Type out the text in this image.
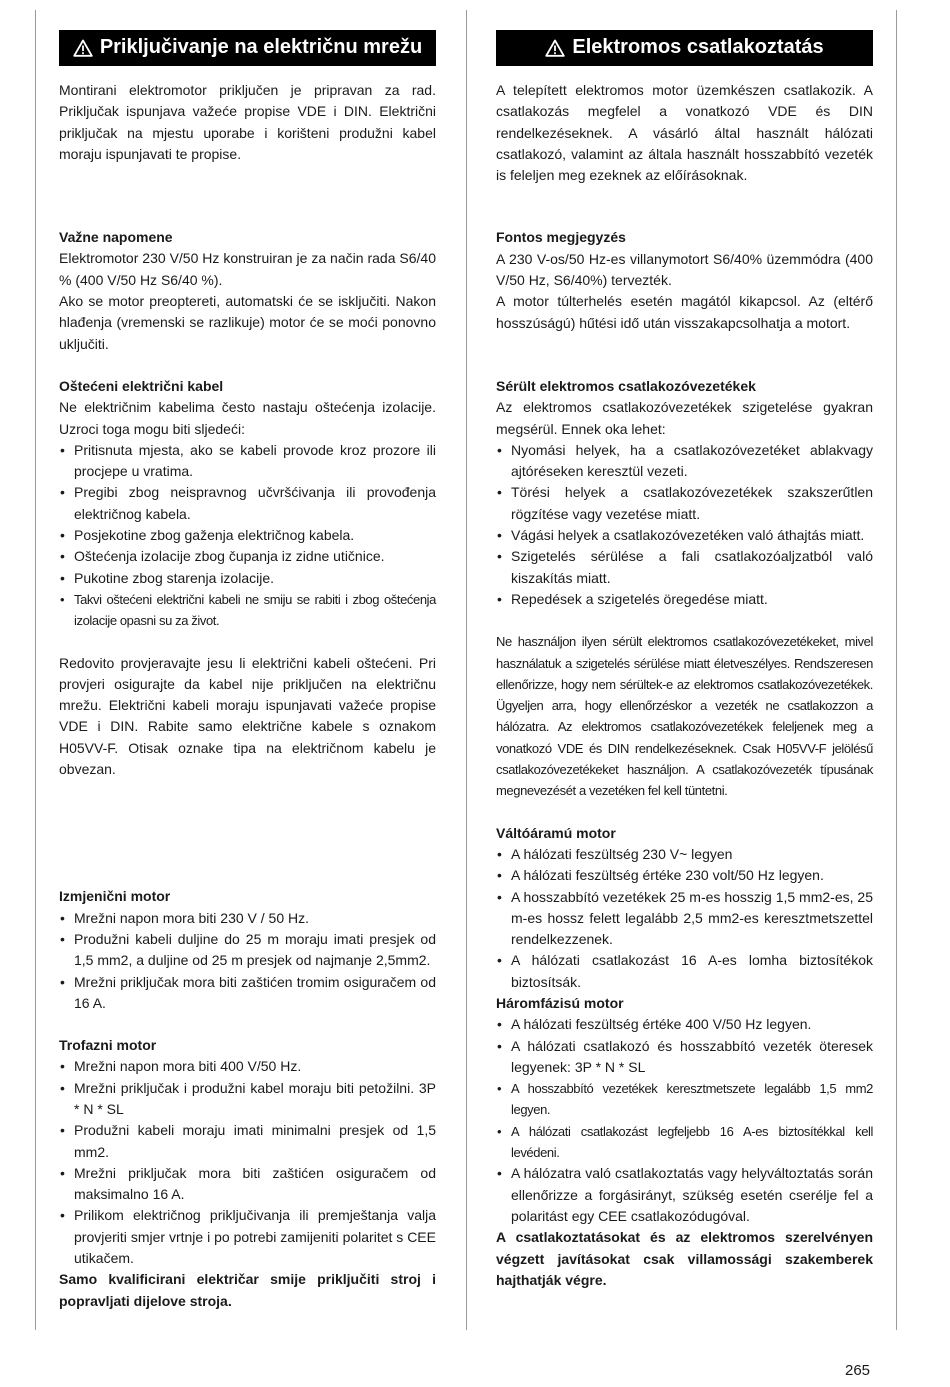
Priključivanje na električnu mrežu

Montirani elektromotor priključen je pripravan za rad. Priključak ispunjava važeće propise VDE i DIN. Električni priključak na mjestu uporabe i korišteni produžni kabel moraju ispunjavati te propise.

Važne napomene

Elektromotor 230 V/50 Hz konstruiran je za način rada S6/40 % (400 V/50 Hz S6/40 %).
Ako se motor preoptereti, automatski će se isključiti. Nakon hlađenja (vremenski se razlikuje) motor će se moći ponovno uključiti.

Oštećeni električni kabel

Ne električnim kabelima često nastaju oštećenja izolacije. Uzroci toga mogu biti sljedeći:

• Pritisnuta mjesta, ako se kabeli provode kroz prozore ili procjepe u vratima.
• Pregibi zbog neispravnog učvršćivanja ili provođenja električnog kabela.
• Posjekotine zbog gaženja električnog kabela.
• Oštećenja izolacije zbog čupanja iz zidne utičnice.
• Pukotine zbog starenja izolacije.
• Takvi oštećeni električni kabeli ne smiju se rabiti i zbog oštećenja izolacije opasni su za život.

Redovito provjeravajte jesu li električni kabeli oštećeni. Pri provjeri osigurajte da kabel nije priključen na električnu mrežu. Električni kabeli moraju ispunjavati važeće propise VDE i DIN. Rabite samo električne kabele s oznakom H05VV-F. Otisak oznake tipa na električnom kabelu je obvezan.

Izmjenični motor
• Mrežni napon mora biti 230 V / 50 Hz.
• Produžni kabeli duljine do 25 m moraju imati presjek od 1,5 mm2, a duljine od 25 m presjek od najmanje 2,5mm2.
• Mrežni priključak mora biti zaštićen tromim osiguračem od 16 A.
Trofazni motor
• Mrežni napon mora biti 400 V/50 Hz.
• Mrežni priključak i produžni kabel moraju biti petožilni. 3P * N * SL
• Produžni kabeli moraju imati minimalni presjek od 1,5 mm2.
• Mrežni priključak mora biti zaštićen osiguračem od maksimalno 16 A.
• Prilikom električnog priključivanja ili premještanja valja provjeriti smjer vrtnje i po potrebi zamijeniti polaritet s CEE utikačem.

Samo kvalificirani električar smije priključiti stroj i popravljati dijelove stroja.

Elektromos csatlakoztatás

A telepített elektromos motor üzemkészen csatlakozik. A csatlakozás megfelel a vonatkozó VDE és DIN rendelkezéseknek. A vásárló által használt hálózati csatlakozó, valamint az általa használt hosszabbító vezeték is feleljen meg ezeknek az előírásoknak.

Fontos megjegyzés

A 230 V-os/50 Hz-es villanymotort S6/40% üzemmódra (400 V/50 Hz, S6/40%) tervezték.
A motor túlterhelés esetén magától kikapcsol. Az (eltérő hosszúságú) hűtési idő után visszakapcsolhatja a motort.

Sérült elektromos csatlakozóvezetékek

Az elektromos csatlakozóvezetékek szigetelése gyakran megsérül. Ennek oka lehet:

• Nyomási helyek, ha a csatlakozóvezetéket ablakvagy ajtóréseken keresztül vezeti.
• Törési helyek a csatlakozóvezetékek szakszerűtlen rögzítése vagy vezetése miatt.
• Vágási helyek a csatlakozóvezetéken való áthajtás miatt.
• Szigetelés sérülése a fali csatlakozóaljzatból való kiszakítás miatt.
• Repedések a szigetelés öregedése miatt.

Ne használjon ilyen sérült elektromos csatlakozóvezetékeket, mivel használatuk a szigetelés sérülése miatt életveszélyes. Rendszeresen ellenőrizze, hogy nem sérültek-e az elektromos csatlakozóvezetékek. Ügyeljen arra, hogy ellenőrzéskor a vezeték ne csatlakozzon a hálózatra. Az elektromos csatlakozóvezetékek feleljenek meg a vonatkozó VDE és DIN rendelkezéseknek. Csak H05VV-F jelölésű csatlakozóvezetékeket használjon. A csatlakozóvezeték típusának megnevezését a vezetéken fel kell tüntetni.

Váltóáramú motor
• A hálózati feszültség 230 V~ legyen
• A hálózati feszültség értéke 230 volt/50 Hz legyen.
• A hosszabbító vezetékek 25 m-es hosszig 1,5 mm2-es, 25 m-es hossz felett legalább 2,5 mm2-es keresztmetszettel rendelkezzenek.
• A hálózati csatlakozást 16 A-es lomha biztosítékok biztosítsák.
Háromfázisú motor
• A hálózati feszültség értéke 400 V/50 Hz legyen.
• A hálózati csatlakozó és hosszabbító vezeték öteresek legyenek: 3P * N * SL
• A hosszabbító vezetékek keresztmetszete legalább 1,5 mm2 legyen.
• A hálózati csatlakozást legfeljebb 16 A-es biztosítékkal kell levédeni.
• A hálózatra való csatlakoztatás vagy helyváltoztatás során ellenőrizze a forgásirányt, szükség esetén cserélje fel a polaritást egy CEE csatlakozódugóval.

A csatlakoztatásokat és az elektromos szerelvényen végzett javításokat csak villamossági szakemberek hajthatják végre.

265
